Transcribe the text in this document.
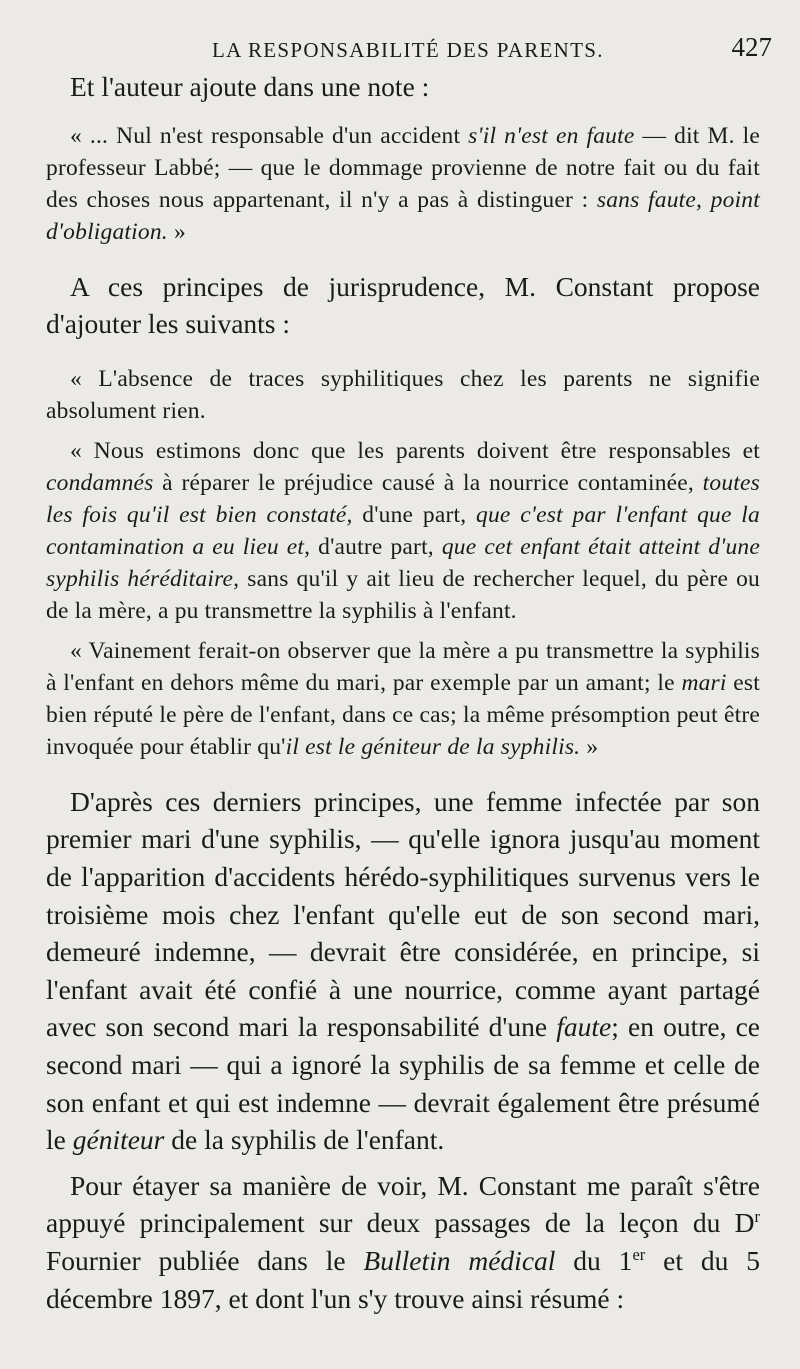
LA RESPONSABILITÉ DES PARENTS.	427

Et l'auteur ajoute dans une note :

« ... Nul n'est responsable d'un accident s'il n'est en faute — dit M. le professeur Labbé; — que le dommage provienne de notre fait ou du fait des choses nous appartenant, il n'y a pas à distinguer : sans faute, point d'obligation. »

A ces principes de jurisprudence, M. Constant propose d'ajouter les suivants :

« L'absence de traces syphilitiques chez les parents ne signifie absolument rien.

« Nous estimons donc que les parents doivent être responsables et condamnés à réparer le préjudice causé à la nourrice contaminée, toutes les fois qu'il est bien constaté, d'une part, que c'est par l'enfant que la contamination a eu lieu et, d'autre part, que cet enfant était atteint d'une syphilis héréditaire, sans qu'il y ait lieu de rechercher lequel, du père ou de la mère, a pu transmettre la syphilis à l'enfant.

« Vainement ferait-on observer que la mère a pu transmettre la syphilis à l'enfant en dehors même du mari, par exemple par un amant; le mari est bien réputé le père de l'enfant, dans ce cas; la même présomption peut être invoquée pour établir qu'il est le géniteur de la syphilis. »

D'après ces derniers principes, une femme infectée par son premier mari d'une syphilis, — qu'elle ignora jusqu'au moment de l'apparition d'accidents hérédo-syphilitiques survenus vers le troisième mois chez l'enfant qu'elle eut de son second mari, demeuré indemne, — devrait être considérée, en principe, si l'enfant avait été confié à une nourrice, comme ayant partagé avec son second mari la responsabilité d'une faute; en outre, ce second mari — qui a ignoré la syphilis de sa femme et celle de son enfant et qui est indemne — devrait également être présumé le géniteur de la syphilis de l'enfant.

Pour étayer sa manière de voir, M. Constant me paraît s'être appuyé principalement sur deux passages de la leçon du $D^r$ Fournier publiée dans le Bulletin médical du 1er et du 5 décembre 1897, et dont l'un s'y trouve ainsi résumé :
